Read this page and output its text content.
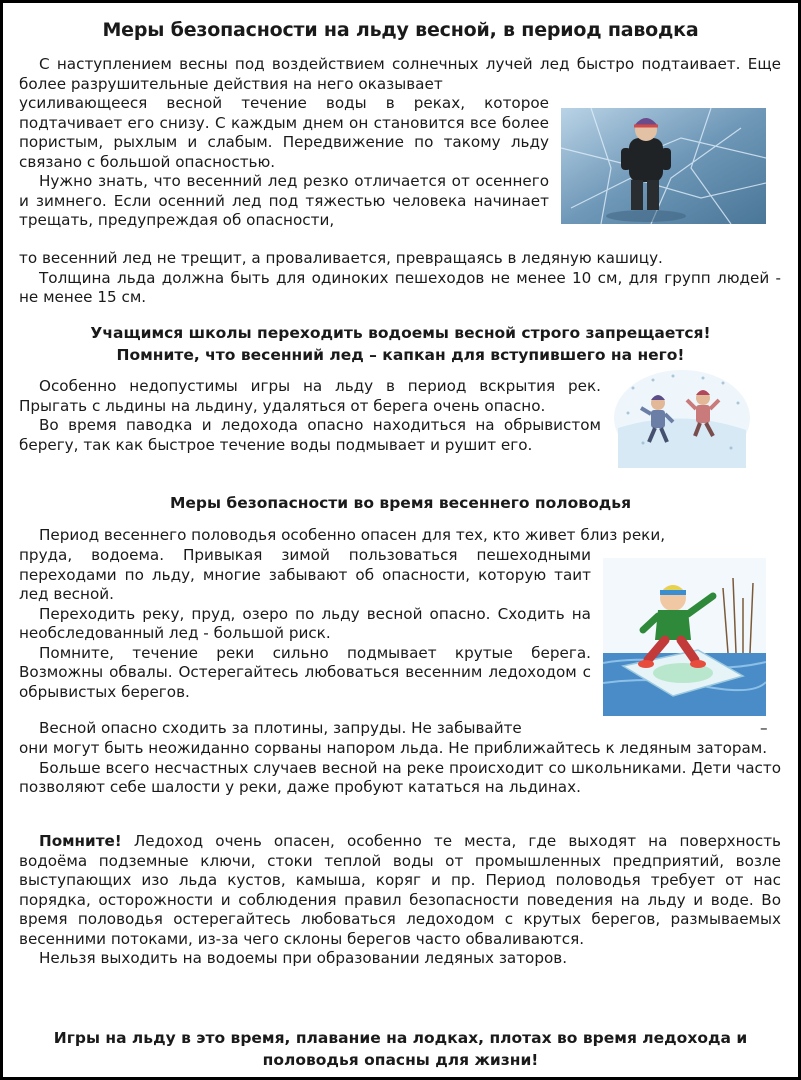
Меры безопасности на льду весной, в период паводка

С наступлением весны под воздействием солнечных лучей лед быстро подтаивает. Еще более разрушительные действия на него оказывает

усиливающееся весной течение воды в реках, которое подтачивает его снизу. С каждым днем он становится все более пористым, рыхлым и слабым. Передвижение по такому льду связано с большой опасностью.

Нужно знать, что весенний лед резко отличается от осеннего и зимнего. Если осенний лед под тяжестью человека начинает трещать, предупреждая об опасности,

то весенний лед не трещит, а проваливается, превращаясь в ледяную кашицу.

Толщина льда должна быть для одиноких пешеходов не менее 10 см, для групп людей - не менее 15 см.

Учащимся школы переходить водоемы весной строго запрещается!
Помните, что весенний лед – капкан для вступившего на него!

Особенно недопустимы игры на льду в период вскрытия рек. Прыгать с льдины на льдину, удаляться от берега очень опасно.

Во время паводка и ледохода опасно находиться на обрывистом берегу, так как быстрое течение воды подмывает и рушит его.

Меры безопасности во время весеннего половодья

Период весеннего половодья особенно опасен для тех, кто живет близ реки,

пруда, водоема. Привыкая зимой пользоваться пешеходными переходами по льду, многие забывают об опасности, которую таит лед весной.

Переходить реку, пруд, озеро по льду весной опасно. Сходить на необследованный лед - большой риск.

Помните, течение реки сильно подмывает крутые берега. Возможны обвалы. Остерегайтесь любоваться весенним ледоходом с обрывистых берегов.

Весной опасно сходить за плотины, запруды. Не забывайте	–

они могут быть неожиданно сорваны напором льда. Не приближайтесь к ледяным заторам.

Больше всего несчастных случаев весной на реке происходит со школьниками. Дети часто позволяют себе шалости у реки, даже пробуют кататься на льдинах.

Помните! Ледоход очень опасен, особенно те места, где выходят на поверхность водоёма подземные ключи, стоки теплой воды от промышленных предприятий, возле выступающих изо льда кустов, камыша, коряг и пр. Период половодья требует от нас порядка, осторожности и соблюдения правил безопасности поведения на льду и воде. Во время половодья остерегайтесь любоваться ледоходом с крутых берегов, размываемых весенними потоками, из-за чего склоны берегов часто обваливаются.

Нельзя выходить на водоемы при образовании ледяных заторов.

Игры на льду в это время, плавание на лодках, плотах во время ледохода и
половодья опасны для жизни!
